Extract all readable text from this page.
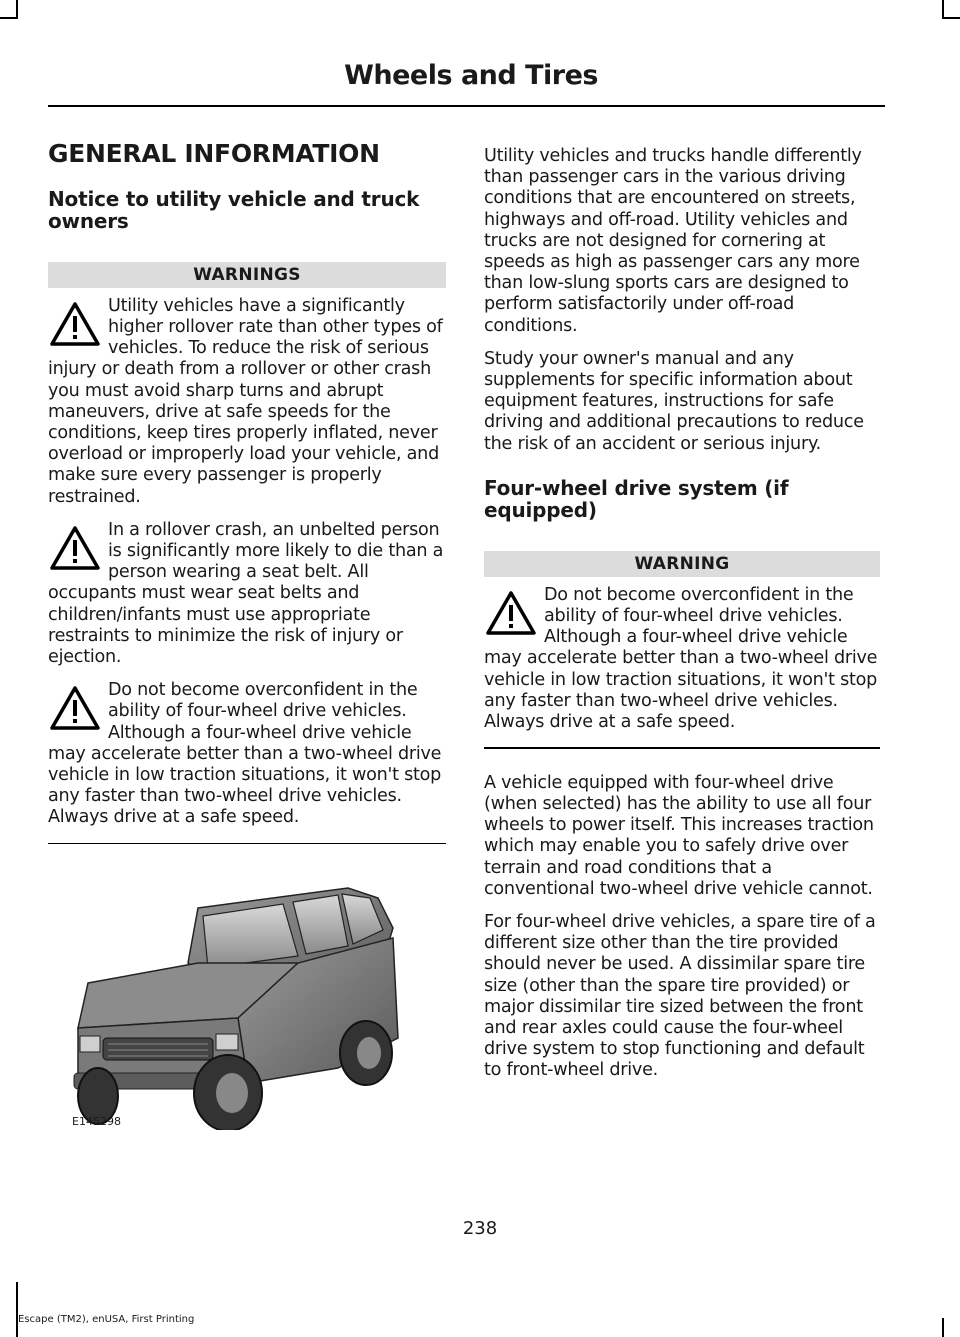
Wheels and Tires
GENERAL INFORMATION
Notice to utility vehicle and truck owners
WARNINGS
Utility vehicles have a significantly higher rollover rate than other types of vehicles. To reduce the risk of serious injury or death from a rollover or other crash you must avoid sharp turns and abrupt maneuvers, drive at safe speeds for the conditions, keep tires properly inflated, never overload or improperly load your vehicle, and make sure every passenger is properly restrained.
In a rollover crash, an unbelted person is significantly more likely to die than a person wearing a seat belt. All occupants must wear seat belts and children/infants must use appropriate restraints to minimize the risk of injury or ejection.
Do not become overconfident in the ability of four-wheel drive vehicles. Although a four-wheel drive vehicle may accelerate better than a two-wheel drive vehicle in low traction situations, it won't stop any faster than two-wheel drive vehicles. Always drive at a safe speed.
E145298

Utility vehicles and trucks handle differently than passenger cars in the various driving conditions that are encountered on streets, highways and off-road. Utility vehicles and trucks are not designed for cornering at speeds as high as passenger cars any more than low-slung sports cars are designed to perform satisfactorily under off-road conditions.

Study your owner's manual and any supplements for specific information about equipment features, instructions for safe driving and additional precautions to reduce the risk of an accident or serious injury.

Four-wheel drive system (if equipped)
WARNING
Do not become overconfident in the ability of four-wheel drive vehicles. Although a four-wheel drive vehicle may accelerate better than a two-wheel drive vehicle in low traction situations, it won't stop any faster than two-wheel drive vehicles. Always drive at a safe speed.

A vehicle equipped with four-wheel drive (when selected) has the ability to use all four wheels to power itself. This increases traction which may enable you to safely drive over terrain and road conditions that a conventional two-wheel drive vehicle cannot.

For four-wheel drive vehicles, a spare tire of a different size other than the tire provided should never be used. A dissimilar spare tire size (other than the spare tire provided) or major dissimilar tire sized between the front and rear axles could cause the four-wheel drive system to stop functioning and default to front-wheel drive.

238
Escape (TM2), enUSA, First Printing
